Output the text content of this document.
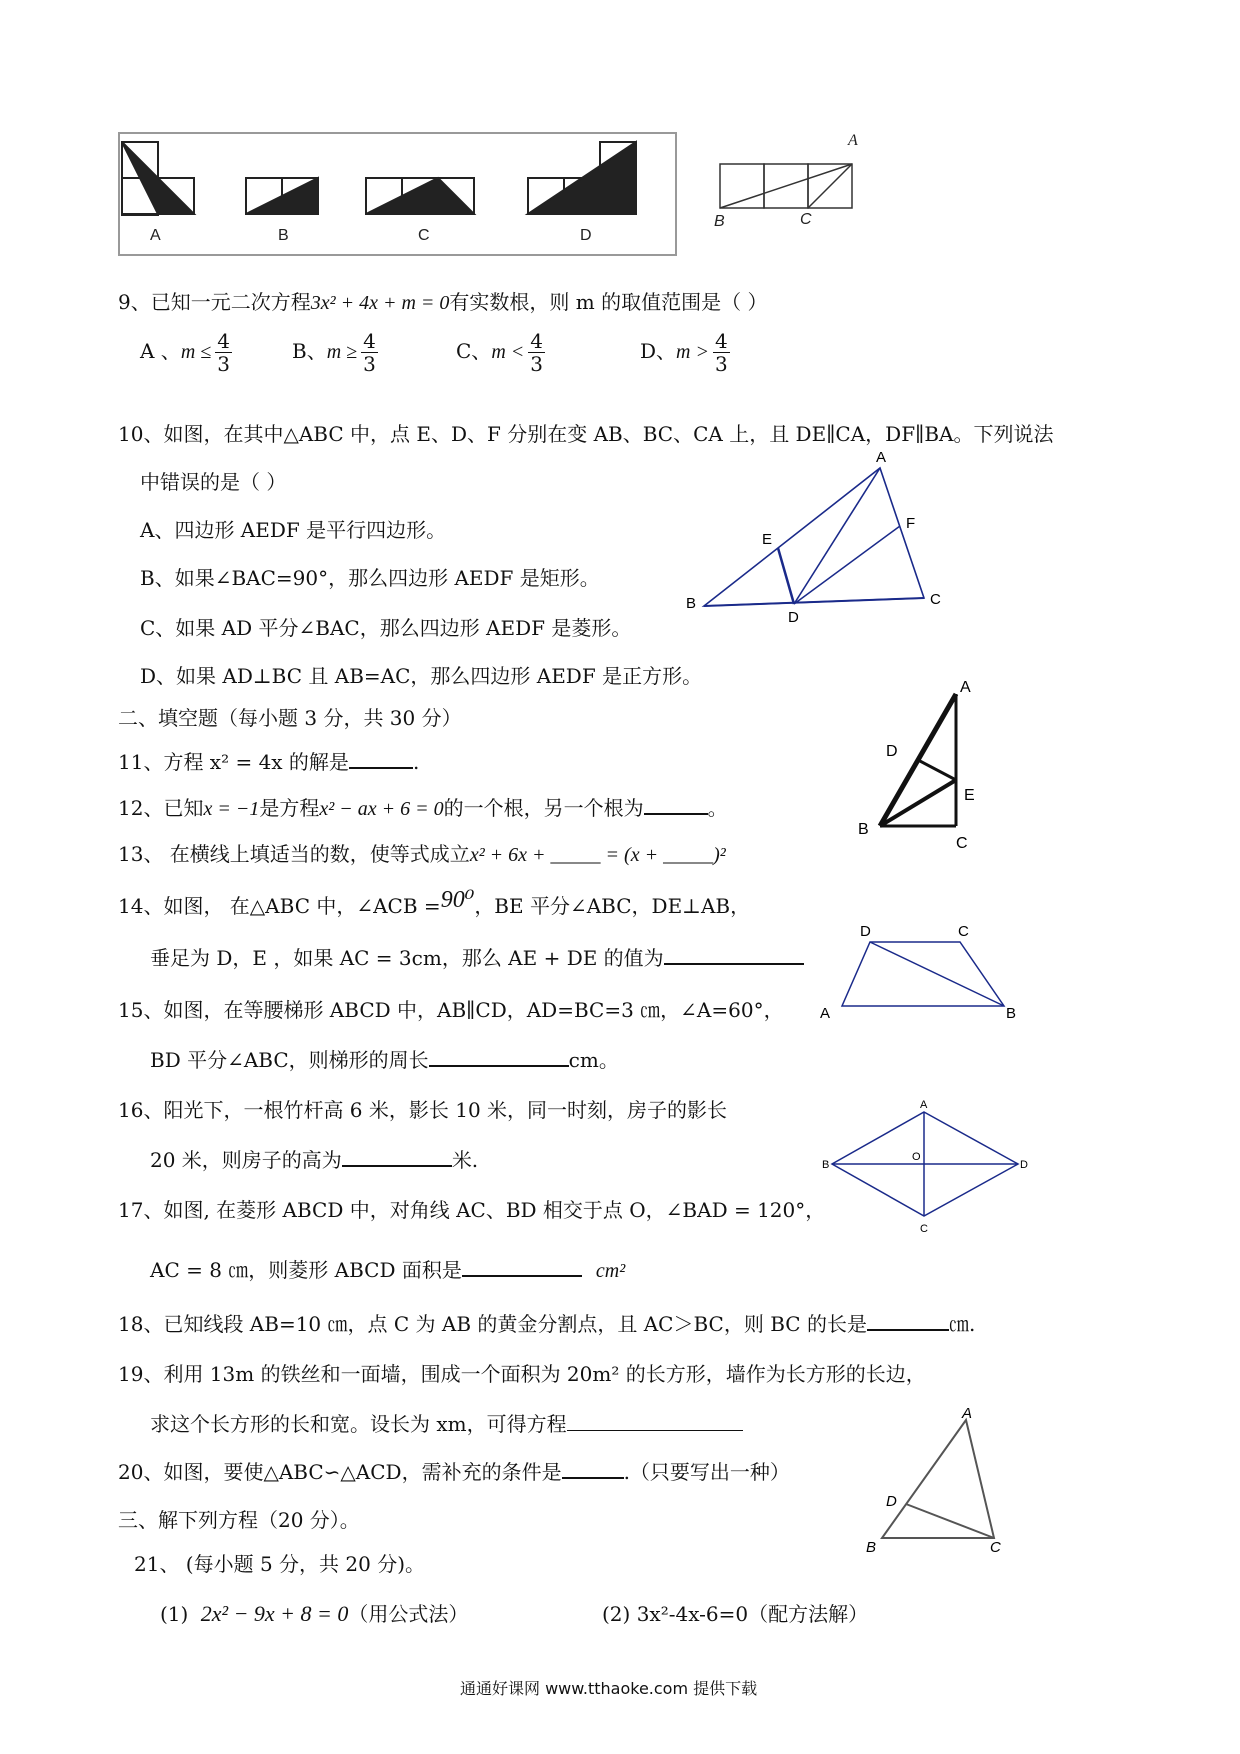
A	B	C	D
A
B	C
9、已知一元二次方程3x² + 4x + m = 0有实数根，则 m 的取值范围是（ ）
A 、$m \le \frac{4}{3}$	B、$m \ge \frac{4}{3}$	C、$m < \frac{4}{3}$	D、$m > \frac{4}{3}$
10、如图，在其中△ABC 中，点 E、D、F 分别在变 AB、BC、CA 上，且 DE∥CA，DF∥BA。下列说法
中错误的是（ ）
A、四边形 AEDF 是平行四边形。
B、如果∠BAC=90°，那么四边形 AEDF 是矩形。
C、如果 AD 平分∠BAC，那么四边形 AEDF 是菱形。
D、如果 AD⊥BC 且 AB=AC，那么四边形 AEDF 是正方形。
A
B	C
D
E
F
二、填空题（每小题 3 分，共 30 分）
11、方程 x² = 4x 的解是	.
12、已知x = −1是方程x² − ax + 6 = 0的一个根，另一个根为	。
13、 在横线上填适当的数，使等式成立x² + 6x + _____ = (x + _____)²
A
D
E
B
C
14、如图， 在△ABC 中，∠ACB =90⁰，BE 平分∠ABC，DE⊥AB，
垂足为 D，E ，如果 AC = 3cm，那么 AE + DE 的值为
D	C
A	B
15、如图，在等腰梯形 ABCD 中，AB∥CD，AD=BC=3 ㎝，∠A=60°，
BD 平分∠ABC，则梯形的周长	cm。
16、阳光下，一根竹杆高 6 米，影长 10 米，同一时刻，房子的影长
20 米，则房子的高为	米.
A
B	D
O
C
17、如图, 在菱形 ABCD 中，对角线 AC、BD 相交于点 O，∠BAD = 120°，
AC = 8 ㎝，则菱形 ABCD 面积是	cm²
18、已知线段 AB=10 ㎝，点 C 为 AB 的黄金分割点，且 AC＞BC，则 BC 的长是	㎝.
19、利用 13m 的铁丝和一面墙，围成一个面积为 20m² 的长方形，墙作为长方形的长边，
求这个长方形的长和宽。设长为 xm，可得方程	A
D
B	C
20、如图，要使△ABC∽△ACD，需补充的条件是	.（只要写出一种）
三、解下列方程（20 分）。
21、 (每小题 5 分，共 20 分)。
(1) 2x² − 9x + 8 = 0（用公式法）	(2) 3x²-4x-6=0（配方法解）
通通好课网 www.tthaoke.com 提供下载
